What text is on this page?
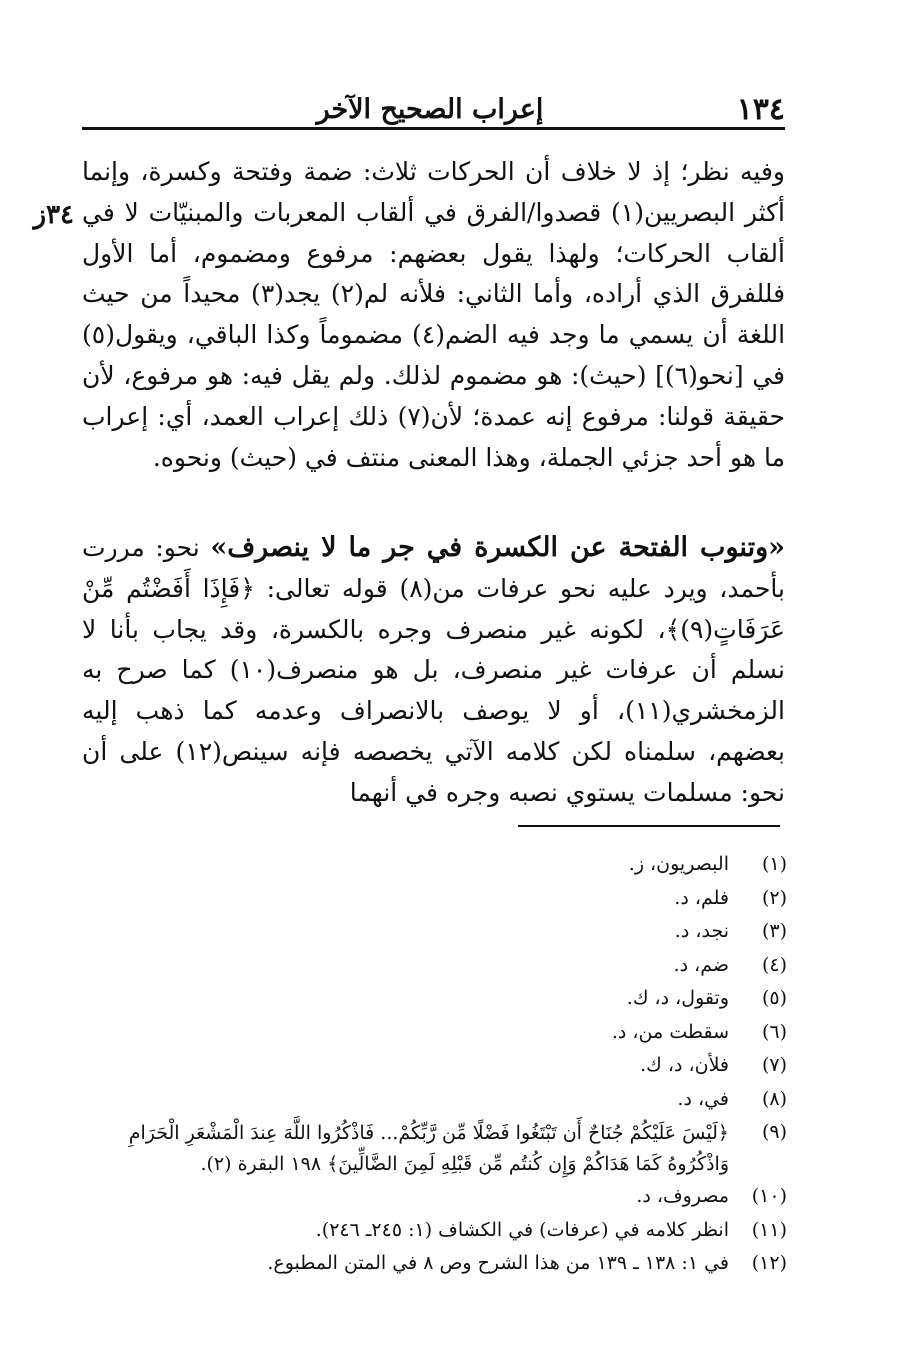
١٣٤
إعراب الصحيح الآخر
٣٤ز
وفيه نظر؛ إذ لا خلاف أن الحركات ثلاث: ضمة وفتحة وكسرة، وإنما أكثر البصريين(١) قصدوا/الفرق في ألقاب المعربات والمبنيّات لا في ألقاب الحركات؛ ولهذا يقول بعضهم: مرفوع ومضموم، أما الأول فللفرق الذي أراده، وأما الثاني: فلأنه لم(٢) يجد(٣) محيداً من حيث اللغة أن يسمي ما وجد فيه الضم(٤) مضموماً وكذا الباقي، ويقول(٥) في [نحو(٦)] (حيث): هو مضموم لذلك. ولم يقل فيه: هو مرفوع، لأن حقيقة قولنا: مرفوع إنه عمدة؛ لأن(٧) ذلك إعراب العمد، أي: إعراب ما هو أحد جزئي الجملة، وهذا المعنى منتف في (حيث) ونحوه.
«وتنوب الفتحة عن الكسرة في جر ما لا ينصرف» نحو: مررت بأحمد، ويرد عليه نحو عرفات من(٨) قوله تعالى: ﴿فَإِذَا أَفَضْتُم مِّنْ عَرَفَاتٍ(٩)﴾، لكونه غير منصرف وجره بالكسرة، وقد يجاب بأنا لا نسلم أن عرفات غير منصرف، بل هو منصرف(١٠) كما صرح به الزمخشري(١١)، أو لا يوصف بالانصراف وعدمه كما ذهب إليه بعضهم، سلمناه لكن كلامه الآتي يخصصه فإنه سينص(١٢) على أن نحو: مسلمات يستوي نصبه وجره في أنهما
(١)
البصريون، ز.
(٢)
فلم، د.
(٣)
نجد، د.
(٤)
ضم، د.
(٥)
وتقول، د، ك.
(٦)
سقطت من، د.
(٧)
فلأن، د، ك.
(٨)
في، د.
(٩)
﴿لَيْسَ عَلَيْكُمْ جُنَاحٌ أَن تَبْتَغُوا فَضْلًا مِّن رَّبِّكُمْ... فَاذْكُرُوا اللَّهَ عِندَ الْمَشْعَرِ الْحَرَامِ وَاذْكُرُوهُ كَمَا هَدَاكُمْ وَإِن كُنتُم مِّن قَبْلِهِ لَمِنَ الضَّالِّينَ﴾ ١٩٨ البقرة (٢).
(١٠)
مصروف، د.
(١١)
انظر كلامه في (عرفات) في الكشاف (١: ٢٤٥ـ ٢٤٦).
(١٢)
في ١: ١٣٨ ـ ١٣٩ من هذا الشرح وص ٨ في المتن المطبوع.
